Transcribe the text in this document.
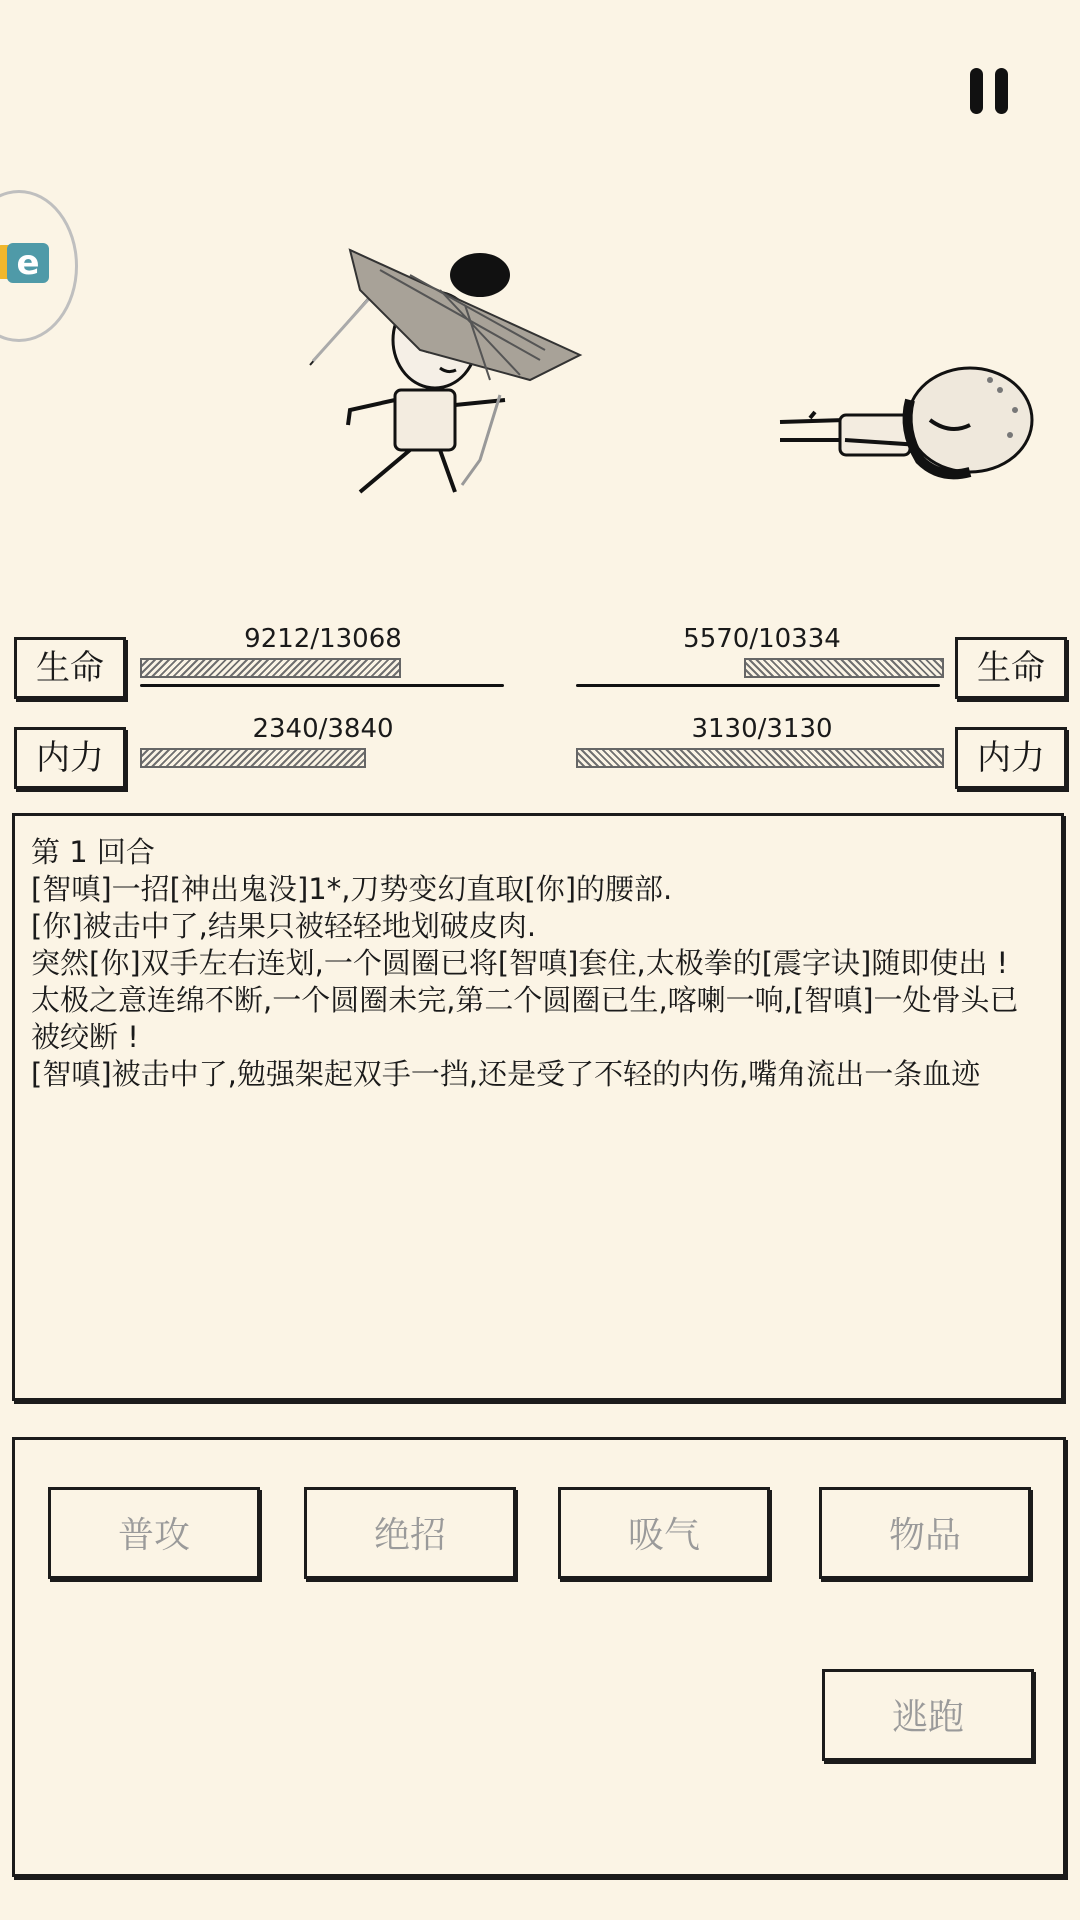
e
生命
9212/13068
内力
2340/3840
生命
5570/10334
内力
3130/3130

第 1 回合

[智嗔]一招[神出鬼没]1*,刀势变幻直取[你]的腰部.

[你]被击中了,结果只被轻轻地划破皮肉.

突然[你]双手左右连划,一个圆圈已将[智嗔]套住,太极拳的[震字诀]随即使出 !

太极之意连绵不断,一个圆圈未完,第二个圆圈已生,喀喇一响,[智嗔]一处骨头已被绞断 !

[智嗔]被击中了,勉强架起双手一挡,还是受了不轻的内伤,嘴角流出一条血迹

普攻	绝招	吸气	物品
逃跑
